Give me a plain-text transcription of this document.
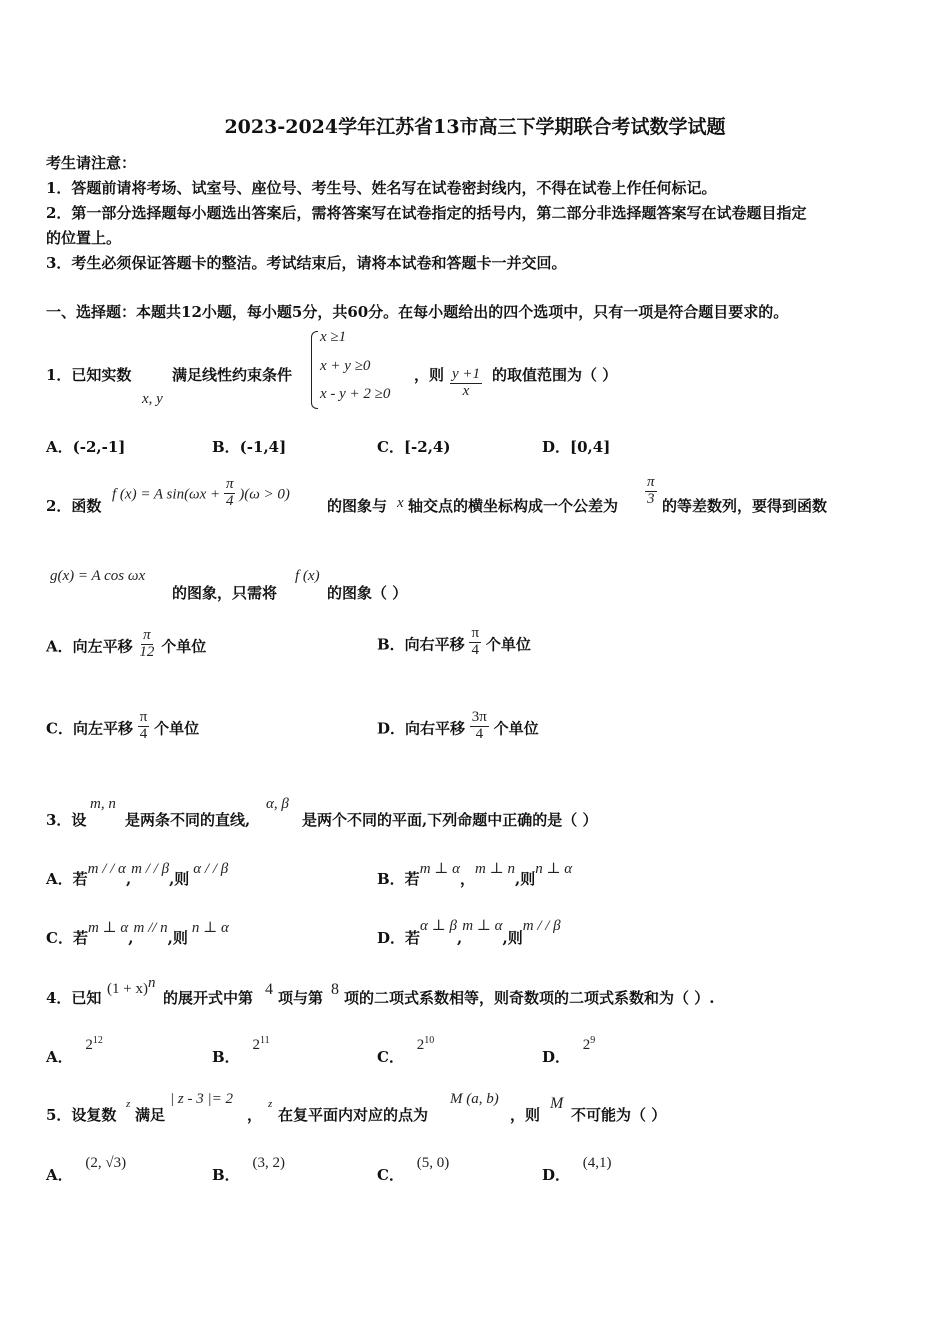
2023-2024学年江苏省13市高三下学期联合考试数学试题
考生请注意：
1．答题前请将考场、试室号、座位号、考生号、姓名写在试卷密封线内，不得在试卷上作任何标记。
2．第一部分选择题每小题选出答案后，需将答案写在试卷指定的括号内，第二部分非选择题答案写在试卷题目指定
的位置上。
3．考生必须保证答题卡的整洁。考试结束后，请将本试卷和答题卡一并交回。
一、选择题：本题共12小题，每小题5分，共60分。在每小题给出的四个选项中，只有一项是符合题目要求的。
1．已知实数
x, y
满足线性约束条件
x ≥1
x + y ≥0
x - y + 2 ≥0
，则 $\frac{y +1}{x}$ 的取值范围为（ ）
A．(-2,-1]	B．(-1,4]	C．[-2,4)	D．[0,4]
2．函数
f (x) = A $\sin(\omega x + \frac{\pi}{4} )(\omega > 0)$
的图象与 x 轴交点的横坐标构成一个公差为 $\frac{\pi}{3}$ 的等差数列，要得到函数
g(x) = A cos ωx
的图象，只需将
f (x)
的图象（ ）
A．向左平移 $\frac{\pi}{12}$ 个单位	B．向右平移 $\frac{\pi}{4}$ 个单位
C．向左平移 $\frac{\pi}{4}$ 个单位	D．向右平移 $\frac{3\pi}{4}$ 个单位
3．设
m, n
是两条不同的直线,
α, β
是两个不同的平面,下列命题中正确的是（ ）
A．若m / / α,m / / β,则α / / β
B．若m ⊥ α，m ⊥ n,则n ⊥ α
C．若m ⊥ α,m // n,则n ⊥ α
D．若α ⊥ β,m ⊥ α,则m / / β
4．已知 $(1 + x)^n$
的展开式中第 4 项与第 8 项的二项式系数相等，则奇数项的二项式系数和为（ ）.
A． $2^{12}$
B． $2^{11}$
C． $2^{10}$
D． $2^9$
5．设复数
z
满足
| z - 3 |= 2
，
z
在复平面内对应的点为
M (a, b)
，则
M
不可能为（ ）
A． (2, √3)
B． (3, 2)
C． (5, 0)
D． (4,1)
